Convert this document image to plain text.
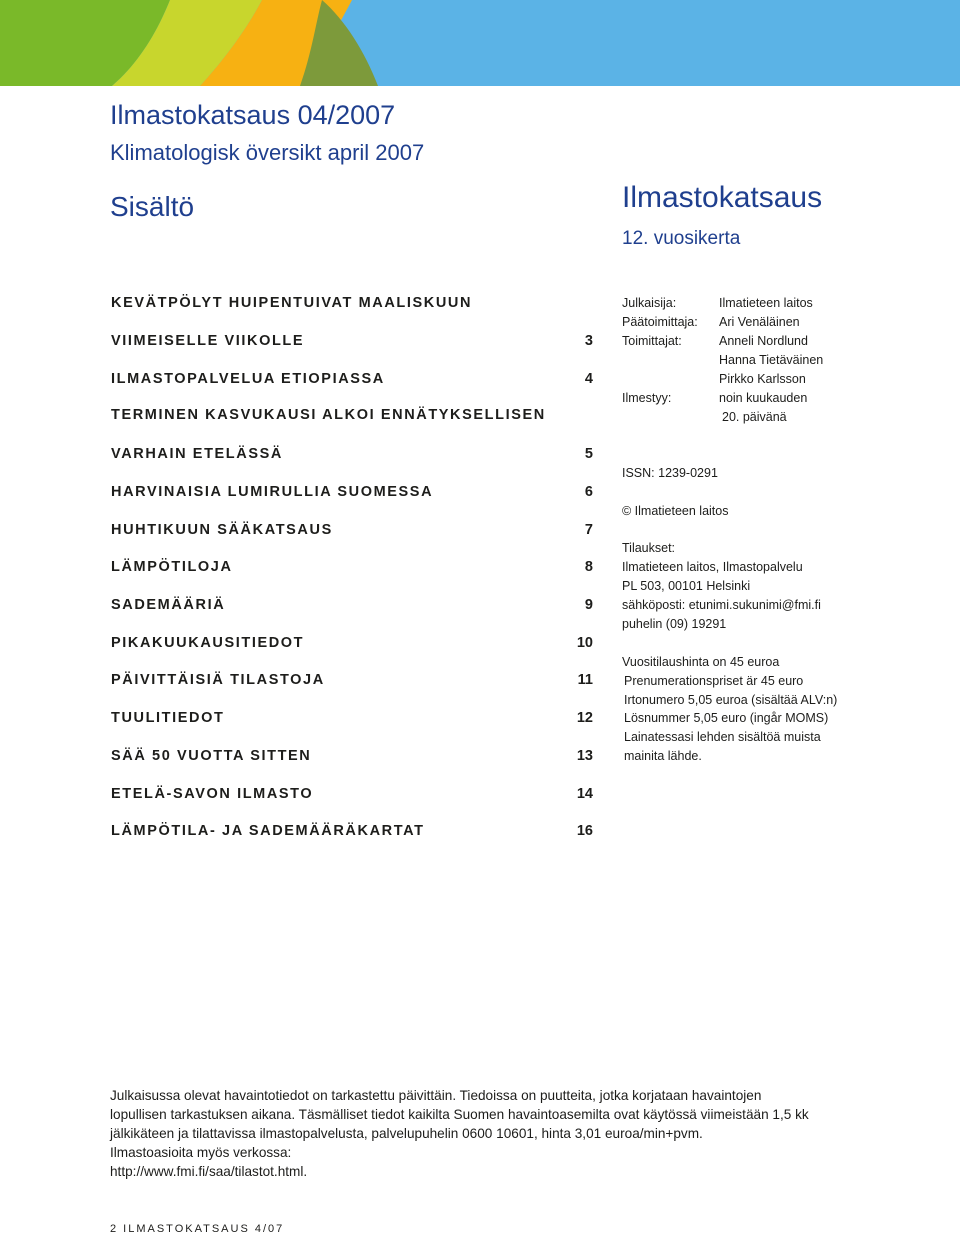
Ilmastokatsaus 04/2007
Klimatologisk översikt april 2007
Sisältö	Ilmastokatsaus
12. vuosikerta
KEVÄTPÖLYT HUIPENTUIVAT MAALISKUUN
VIIMEISELLE VIIKOLLE	3
ILMASTOPALVELUA ETIOPIASSA	4
TERMINEN KASVUKAUSI ALKOI ENNÄTYKSELLISEN
VARHAIN ETELÄSSÄ	5
HARVINAISIA LUMIRULLIA SUOMESSA	6
HUHTIKUUN SÄÄKATSAUS	7
LÄMPÖTILOJA	8
SADEMÄÄRIÄ	9
PIKAKUUKAUSITIEDOT	10
PÄIVITTÄISIÄ TILASTOJA	11
TUULITIEDOT	12
SÄÄ 50 VUOTTA SITTEN	13
ETELÄ-SAVON ILMASTO	14
LÄMPÖTILA- JA SADEMÄÄRÄKARTAT	16
Julkaisija:	Ilmatieteen laitos
Päätoimittaja: Ari Venäläinen
Toimittajat:	Anneli Nordlund
Hanna Tietäväinen
Pirkko Karlsson
Ilmestyy:	noin kuukauden
20. päivänä
ISSN: 1239-0291
© Ilmatieteen laitos
Tilaukset:
Ilmatieteen laitos, Ilmastopalvelu
PL 503, 00101 Helsinki
sähköposti: etunimi.sukunimi@fmi.fi
puhelin (09) 19291
Vuositilaushinta on 45 euroa
Prenumerationspriset är 45 euro
Irtonumero 5,05 euroa (sisältää ALV:n)
Lösnummer 5,05 euro (ingår MOMS)
Lainatessasi lehden sisältöä muista
mainita lähde.
Julkaisussa olevat havaintotiedot on tarkastettu päivittäin. Tiedoissa on puutteita, jotka korjataan havaintojen
lopullisen tarkastuksen aikana. Täsmälliset tiedot kaikilta Suomen havaintoasemilta ovat käytössä viimeistään 1,5 kk
jälkikäteen ja tilattavissa ilmastopalvelusta, palvelupuhelin 0600 10601, hinta 3,01 euroa/min+pvm.
Ilmastoasioita myös verkossa:
http://www.fmi.fi/saa/tilastot.html.
2 ILMASTOKATSAUS 4/07
